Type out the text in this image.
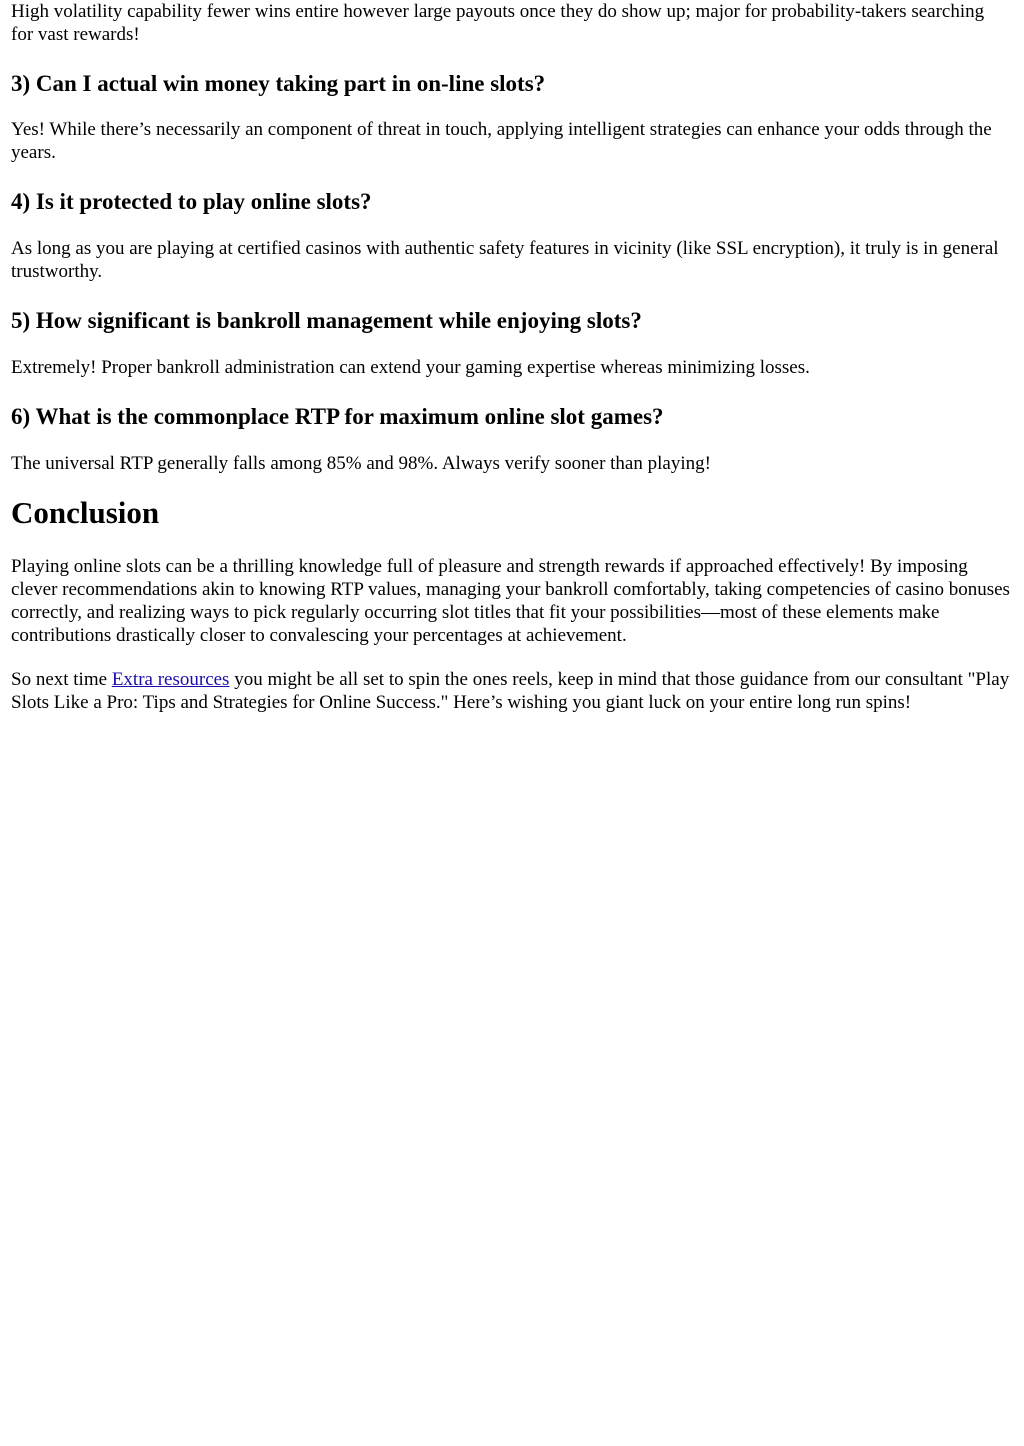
High volatility capability fewer wins entire however large payouts once they do show up; major for probability-takers searching for vast rewards!

3) Can I actual win money taking part in on-line slots?

Yes! While there’s necessarily an component of threat in touch, applying intelligent strategies can enhance your odds through the years.

4) Is it protected to play online slots?

As long as you are playing at certified casinos with authentic safety features in vicinity (like SSL encryption), it truly is in general trustworthy.

5) How significant is bankroll management while enjoying slots?

Extremely! Proper bankroll administration can extend your gaming expertise whereas minimizing losses.

6) What is the commonplace RTP for maximum online slot games?

The universal RTP generally falls among 85% and 98%. Always verify sooner than playing!

Conclusion

Playing online slots can be a thrilling knowledge full of pleasure and strength rewards if approached effectively! By imposing clever recommendations akin to knowing RTP values, managing your bankroll comfortably, taking competencies of casino bonuses correctly, and realizing ways to pick regularly occurring slot titles that fit your possibilities—most of these elements make contributions drastically closer to convalescing your percentages at achievement.

So next time Extra resources you might be all set to spin the ones reels, keep in mind that those guidance from our consultant "Play Slots Like a Pro: Tips and Strategies for Online Success." Here’s wishing you giant luck on your entire long run spins!
